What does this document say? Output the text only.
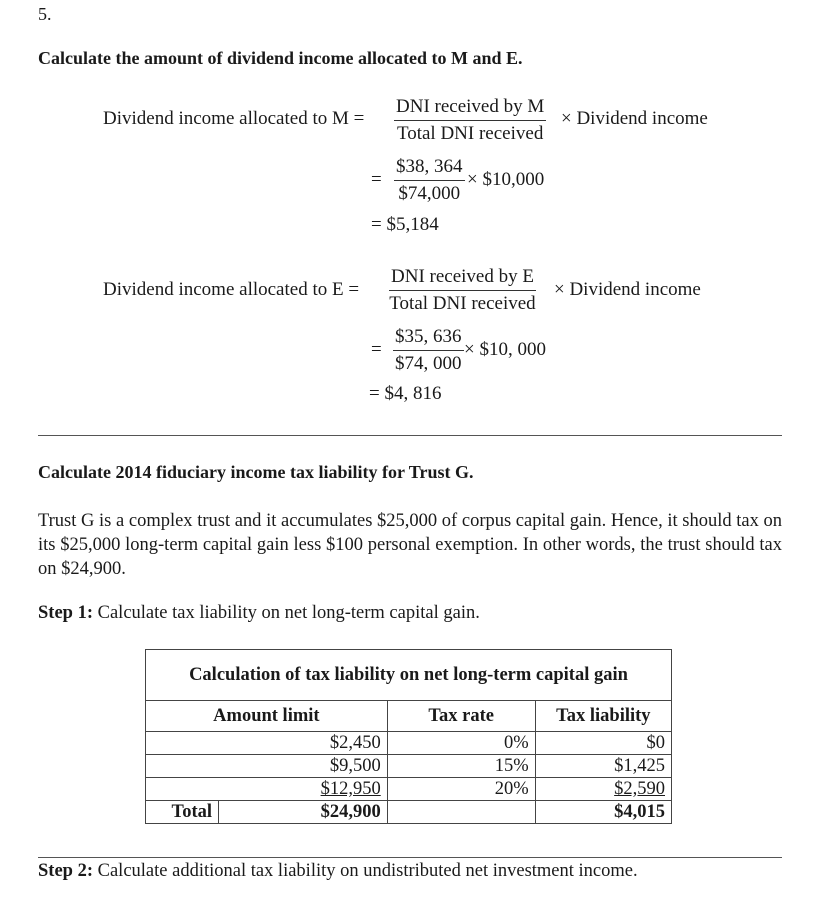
5.
Calculate the amount of dividend income allocated to M and E.
Dividend income allocated to M =
DNI received by M
Total DNI received
× Dividend income
= $\frac{\$38, 364}{\$74,000}$ × $10,000
= $5,184
Dividend income allocated to E =
DNI received by E
Total DNI received
× Dividend income
= $\frac{\$35, 636}{\$74, 000}$ × $10, 000
= $4, 816
Calculate 2014 fiduciary income tax liability for Trust G.
Trust G is a complex trust and it accumulates $25,000 of corpus capital gain. Hence, it should tax on its $25,000 long-term capital gain less $100 personal exemption. In other words, the trust should tax on $24,900.
Step 1: Calculate tax liability on net long-term capital gain.
Calculation of tax liability on net long-term capital gain			
Amount limit		Tax rate	Tax liability
$2,450		0%	$0
$9,500		15%	$1,425
$12,950		20%	$2,590
Total	$24,900		$4,015
Step 2: Calculate additional tax liability on undistributed net investment income.
